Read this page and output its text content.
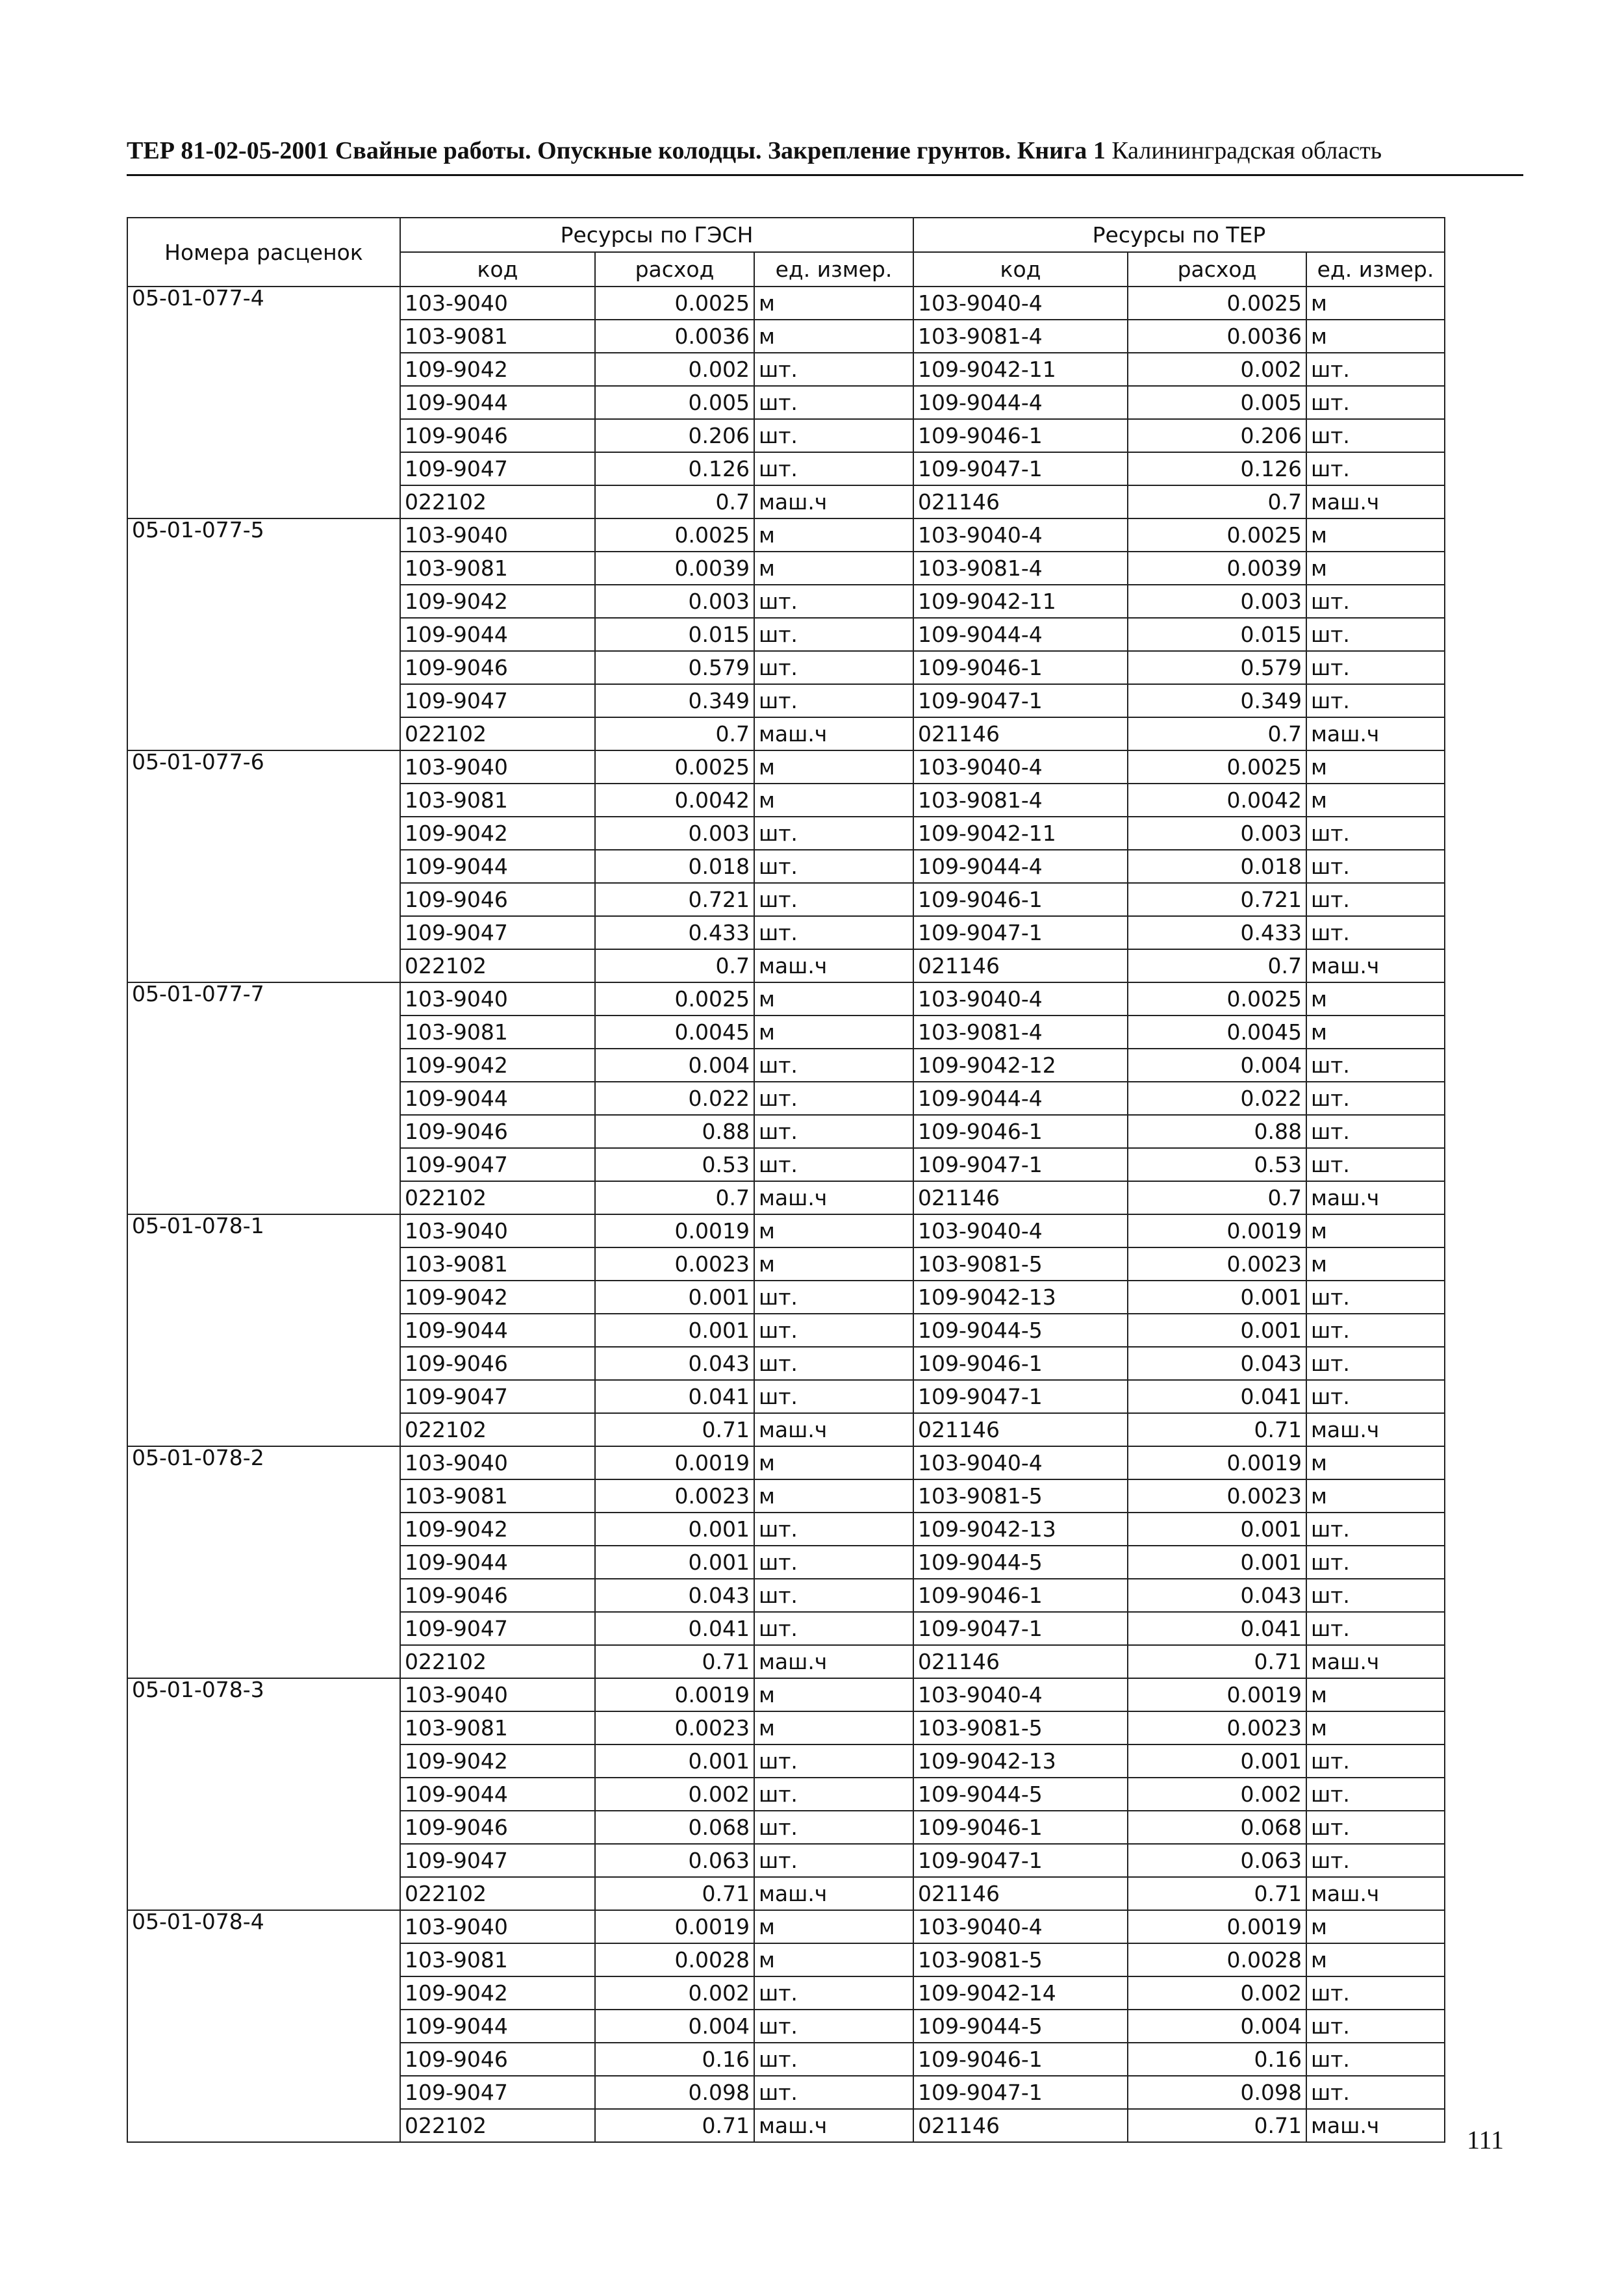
ТЕР 81-02-05-2001 Свайные работы. Опускные колодцы. Закрепление грунтов. Книга 1 Калининградская область
Номера расценок	Ресурсы по ГЭСН			Ресурсы по ТЕР		
	код	расход	ед. измер.	код	расход	ед. измер.
05-01-077-4	103-9040	0.0025	м	103-9040-4	0.0025	м
	103-9081	0.0036	м	103-9081-4	0.0036	м
	109-9042	0.002	шт.	109-9042-11	0.002	шт.
	109-9044	0.005	шт.	109-9044-4	0.005	шт.
	109-9046	0.206	шт.	109-9046-1	0.206	шт.
	109-9047	0.126	шт.	109-9047-1	0.126	шт.
	022102	0.7	маш.ч	021146	0.7	маш.ч
05-01-077-5	103-9040	0.0025	м	103-9040-4	0.0025	м
	103-9081	0.0039	м	103-9081-4	0.0039	м
	109-9042	0.003	шт.	109-9042-11	0.003	шт.
	109-9044	0.015	шт.	109-9044-4	0.015	шт.
	109-9046	0.579	шт.	109-9046-1	0.579	шт.
	109-9047	0.349	шт.	109-9047-1	0.349	шт.
	022102	0.7	маш.ч	021146	0.7	маш.ч
05-01-077-6	103-9040	0.0025	м	103-9040-4	0.0025	м
	103-9081	0.0042	м	103-9081-4	0.0042	м
	109-9042	0.003	шт.	109-9042-11	0.003	шт.
	109-9044	0.018	шт.	109-9044-4	0.018	шт.
	109-9046	0.721	шт.	109-9046-1	0.721	шт.
	109-9047	0.433	шт.	109-9047-1	0.433	шт.
	022102	0.7	маш.ч	021146	0.7	маш.ч
05-01-077-7	103-9040	0.0025	м	103-9040-4	0.0025	м
	103-9081	0.0045	м	103-9081-4	0.0045	м
	109-9042	0.004	шт.	109-9042-12	0.004	шт.
	109-9044	0.022	шт.	109-9044-4	0.022	шт.
	109-9046	0.88	шт.	109-9046-1	0.88	шт.
	109-9047	0.53	шт.	109-9047-1	0.53	шт.
	022102	0.7	маш.ч	021146	0.7	маш.ч
05-01-078-1	103-9040	0.0019	м	103-9040-4	0.0019	м
	103-9081	0.0023	м	103-9081-5	0.0023	м
	109-9042	0.001	шт.	109-9042-13	0.001	шт.
	109-9044	0.001	шт.	109-9044-5	0.001	шт.
	109-9046	0.043	шт.	109-9046-1	0.043	шт.
	109-9047	0.041	шт.	109-9047-1	0.041	шт.
	022102	0.71	маш.ч	021146	0.71	маш.ч
05-01-078-2	103-9040	0.0019	м	103-9040-4	0.0019	м
	103-9081	0.0023	м	103-9081-5	0.0023	м
	109-9042	0.001	шт.	109-9042-13	0.001	шт.
	109-9044	0.001	шт.	109-9044-5	0.001	шт.
	109-9046	0.043	шт.	109-9046-1	0.043	шт.
	109-9047	0.041	шт.	109-9047-1	0.041	шт.
	022102	0.71	маш.ч	021146	0.71	маш.ч
05-01-078-3	103-9040	0.0019	м	103-9040-4	0.0019	м
	103-9081	0.0023	м	103-9081-5	0.0023	м
	109-9042	0.001	шт.	109-9042-13	0.001	шт.
	109-9044	0.002	шт.	109-9044-5	0.002	шт.
	109-9046	0.068	шт.	109-9046-1	0.068	шт.
	109-9047	0.063	шт.	109-9047-1	0.063	шт.
	022102	0.71	маш.ч	021146	0.71	маш.ч
05-01-078-4	103-9040	0.0019	м	103-9040-4	0.0019	м
	103-9081	0.0028	м	103-9081-5	0.0028	м
	109-9042	0.002	шт.	109-9042-14	0.002	шт.
	109-9044	0.004	шт.	109-9044-5	0.004	шт.
	109-9046	0.16	шт.	109-9046-1	0.16	шт.
	109-9047	0.098	шт.	109-9047-1	0.098	шт.
	022102	0.71	маш.ч	021146	0.71	маш.ч	111
